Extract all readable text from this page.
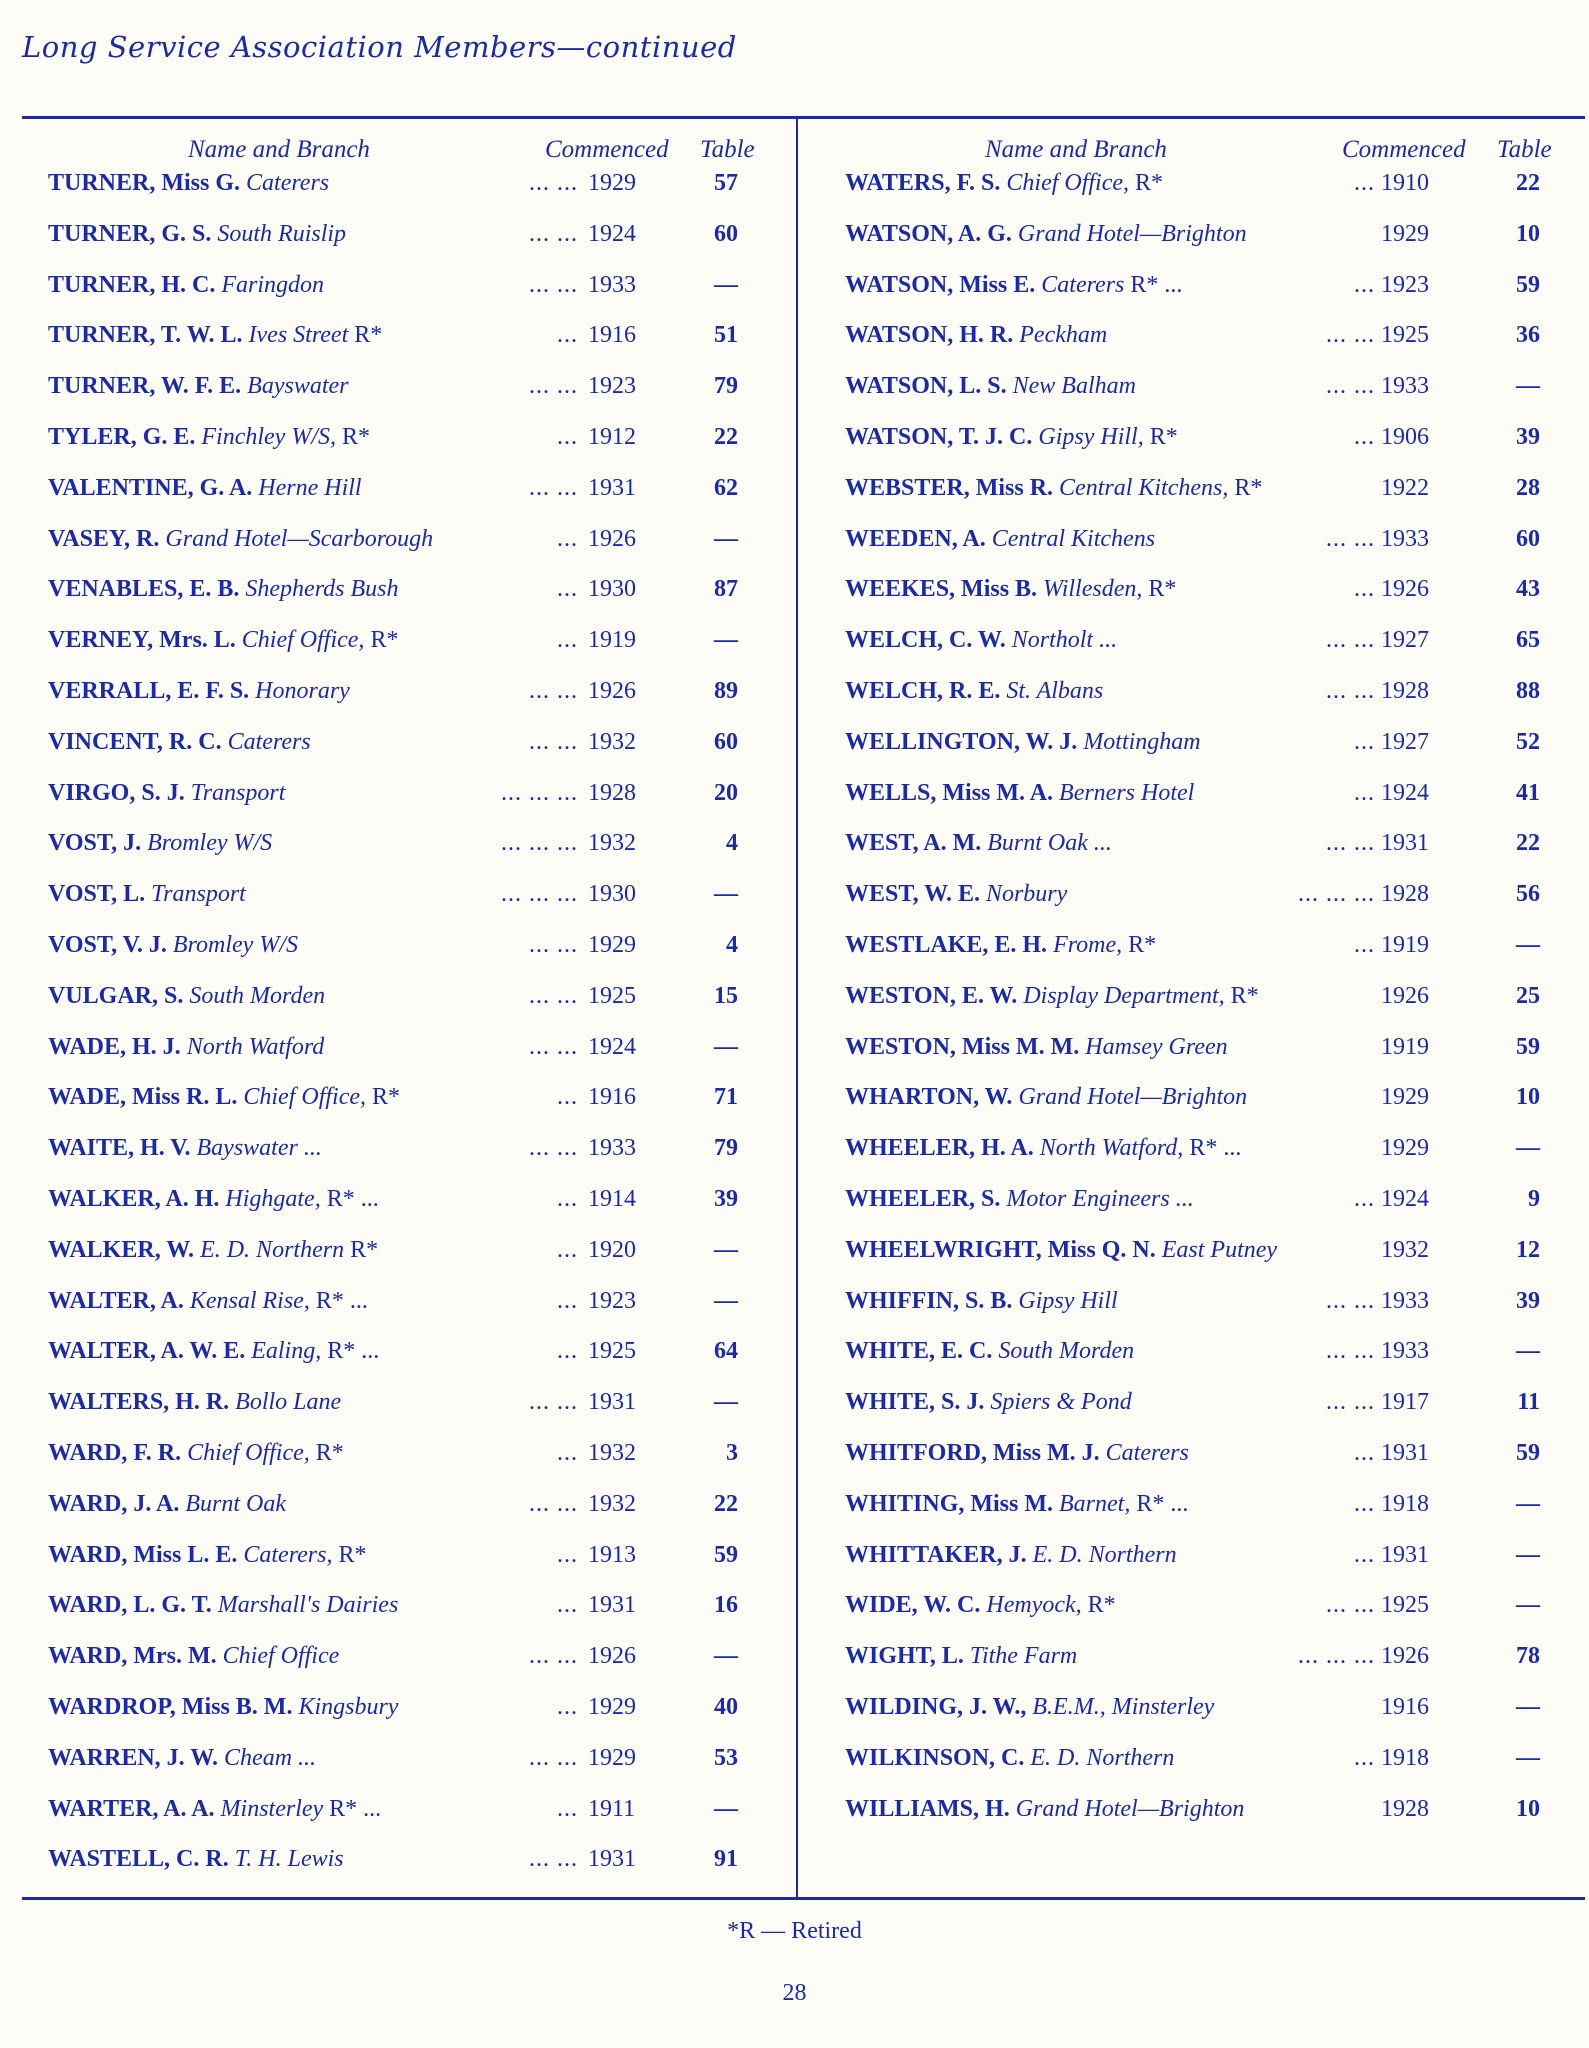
Long Service Association Members—continued
Name and Branch	Commenced Table
TURNER, Miss G. Caterers	... ... 1929	57
TURNER, G. S. South Ruislip	... ... 1924	60
TURNER, H. C. Faringdon	... ... 1933	—
TURNER, T. W. L. Ives Street R*	... 1916	51
TURNER, W. F. E. Bayswater	... ... 1923	79
TYLER, G. E. Finchley W/S, R*	... 1912	22
VALENTINE, G. A. Herne Hill	... ... 1931	62
VASEY, R. Grand Hotel—Scarborough	... 1926	—
VENABLES, E. B. Shepherds Bush	... 1930	87
VERNEY, Mrs. L. Chief Office, R*	... 1919	—
VERRALL, E. F. S. Honorary	... ... 1926	89
VINCENT, R. C. Caterers	... ... 1932	60
VIRGO, S. J. Transport	... ... ... 1928	20
VOST, J. Bromley W/S	... ... ... 1932	4
VOST, L. Transport	... ... ... 1930	—
VOST, V. J. Bromley W/S	... ... 1929	4
VULGAR, S. South Morden	... ... 1925	15
WADE, H. J. North Watford	... ... 1924	—
WADE, Miss R. L. Chief Office, R*	... 1916	71
WAITE, H. V. Bayswater ...	... ... 1933	79
WALKER, A. H. Highgate, R* ...	... 1914	39
WALKER, W. E. D. Northern R*	... 1920	—
WALTER, A. Kensal Rise, R* ...	... 1923	—
WALTER, A. W. E. Ealing, R* ...	... 1925	64
WALTERS, H. R. Bollo Lane	... ... 1931	—
WARD, F. R. Chief Office, R*	... 1932	3
WARD, J. A. Burnt Oak	... ... 1932	22
WARD, Miss L. E. Caterers, R*	... 1913	59
WARD, L. G. T. Marshall's Dairies	... 1931	16
WARD, Mrs. M. Chief Office	... ... 1926	—
WARDROP, Miss B. M. Kingsbury	... 1929	40
WARREN, J. W. Cheam ...	... ... 1929	53
WARTER, A. A. Minsterley R* ...	... 1911	—
WASTELL, C. R. T. H. Lewis	... ... 1931	91
Name and Branch	Commenced Table
WATERS, F. S. Chief Office, R*	... 1910	22
WATSON, A. G. Grand Hotel—Brighton	1929	10
WATSON, Miss E. Caterers R* ...	... 1923	59
WATSON, H. R. Peckham	... ... 1925	36
WATSON, L. S. New Balham	... ... 1933	—
WATSON, T. J. C. Gipsy Hill, R*	... 1906	39
WEBSTER, Miss R. Central Kitchens, R*	1922	28
WEEDEN, A. Central Kitchens	... ... 1933	60
WEEKES, Miss B. Willesden, R*	... 1926	43
WELCH, C. W. Northolt ...	... ... 1927	65
WELCH, R. E. St. Albans	... ... 1928	88
WELLINGTON, W. J. Mottingham	... 1927	52
WELLS, Miss M. A. Berners Hotel	... 1924	41
WEST, A. M. Burnt Oak ...	... ... 1931	22
WEST, W. E. Norbury	... ... ... 1928	56
WESTLAKE, E. H. Frome, R*	... 1919	—
WESTON, E. W. Display Department, R*	1926	25
WESTON, Miss M. M. Hamsey Green	1919	59
WHARTON, W. Grand Hotel—Brighton	1929	10
WHEELER, H. A. North Watford, R* ...	1929	—
WHEELER, S. Motor Engineers ...	... 1924	9
WHEELWRIGHT, Miss Q. N. East Putney	1932	12
WHIFFIN, S. B. Gipsy Hill	... ... 1933	39
WHITE, E. C. South Morden	... ... 1933	—
WHITE, S. J. Spiers & Pond	... ... 1917	11
WHITFORD, Miss M. J. Caterers	... 1931	59
WHITING, Miss M. Barnet, R* ...	... 1918	—
WHITTAKER, J. E. D. Northern	... 1931	—
WIDE, W. C. Hemyock, R*	... ... 1925	—
WIGHT, L. Tithe Farm	... ... ... 1926	78
WILDING, J. W., B.E.M., Minsterley	1916	—
WILKINSON, C. E. D. Northern	... 1918	—
WILLIAMS, H. Grand Hotel—Brighton	1928	10
*R — Retired
28
